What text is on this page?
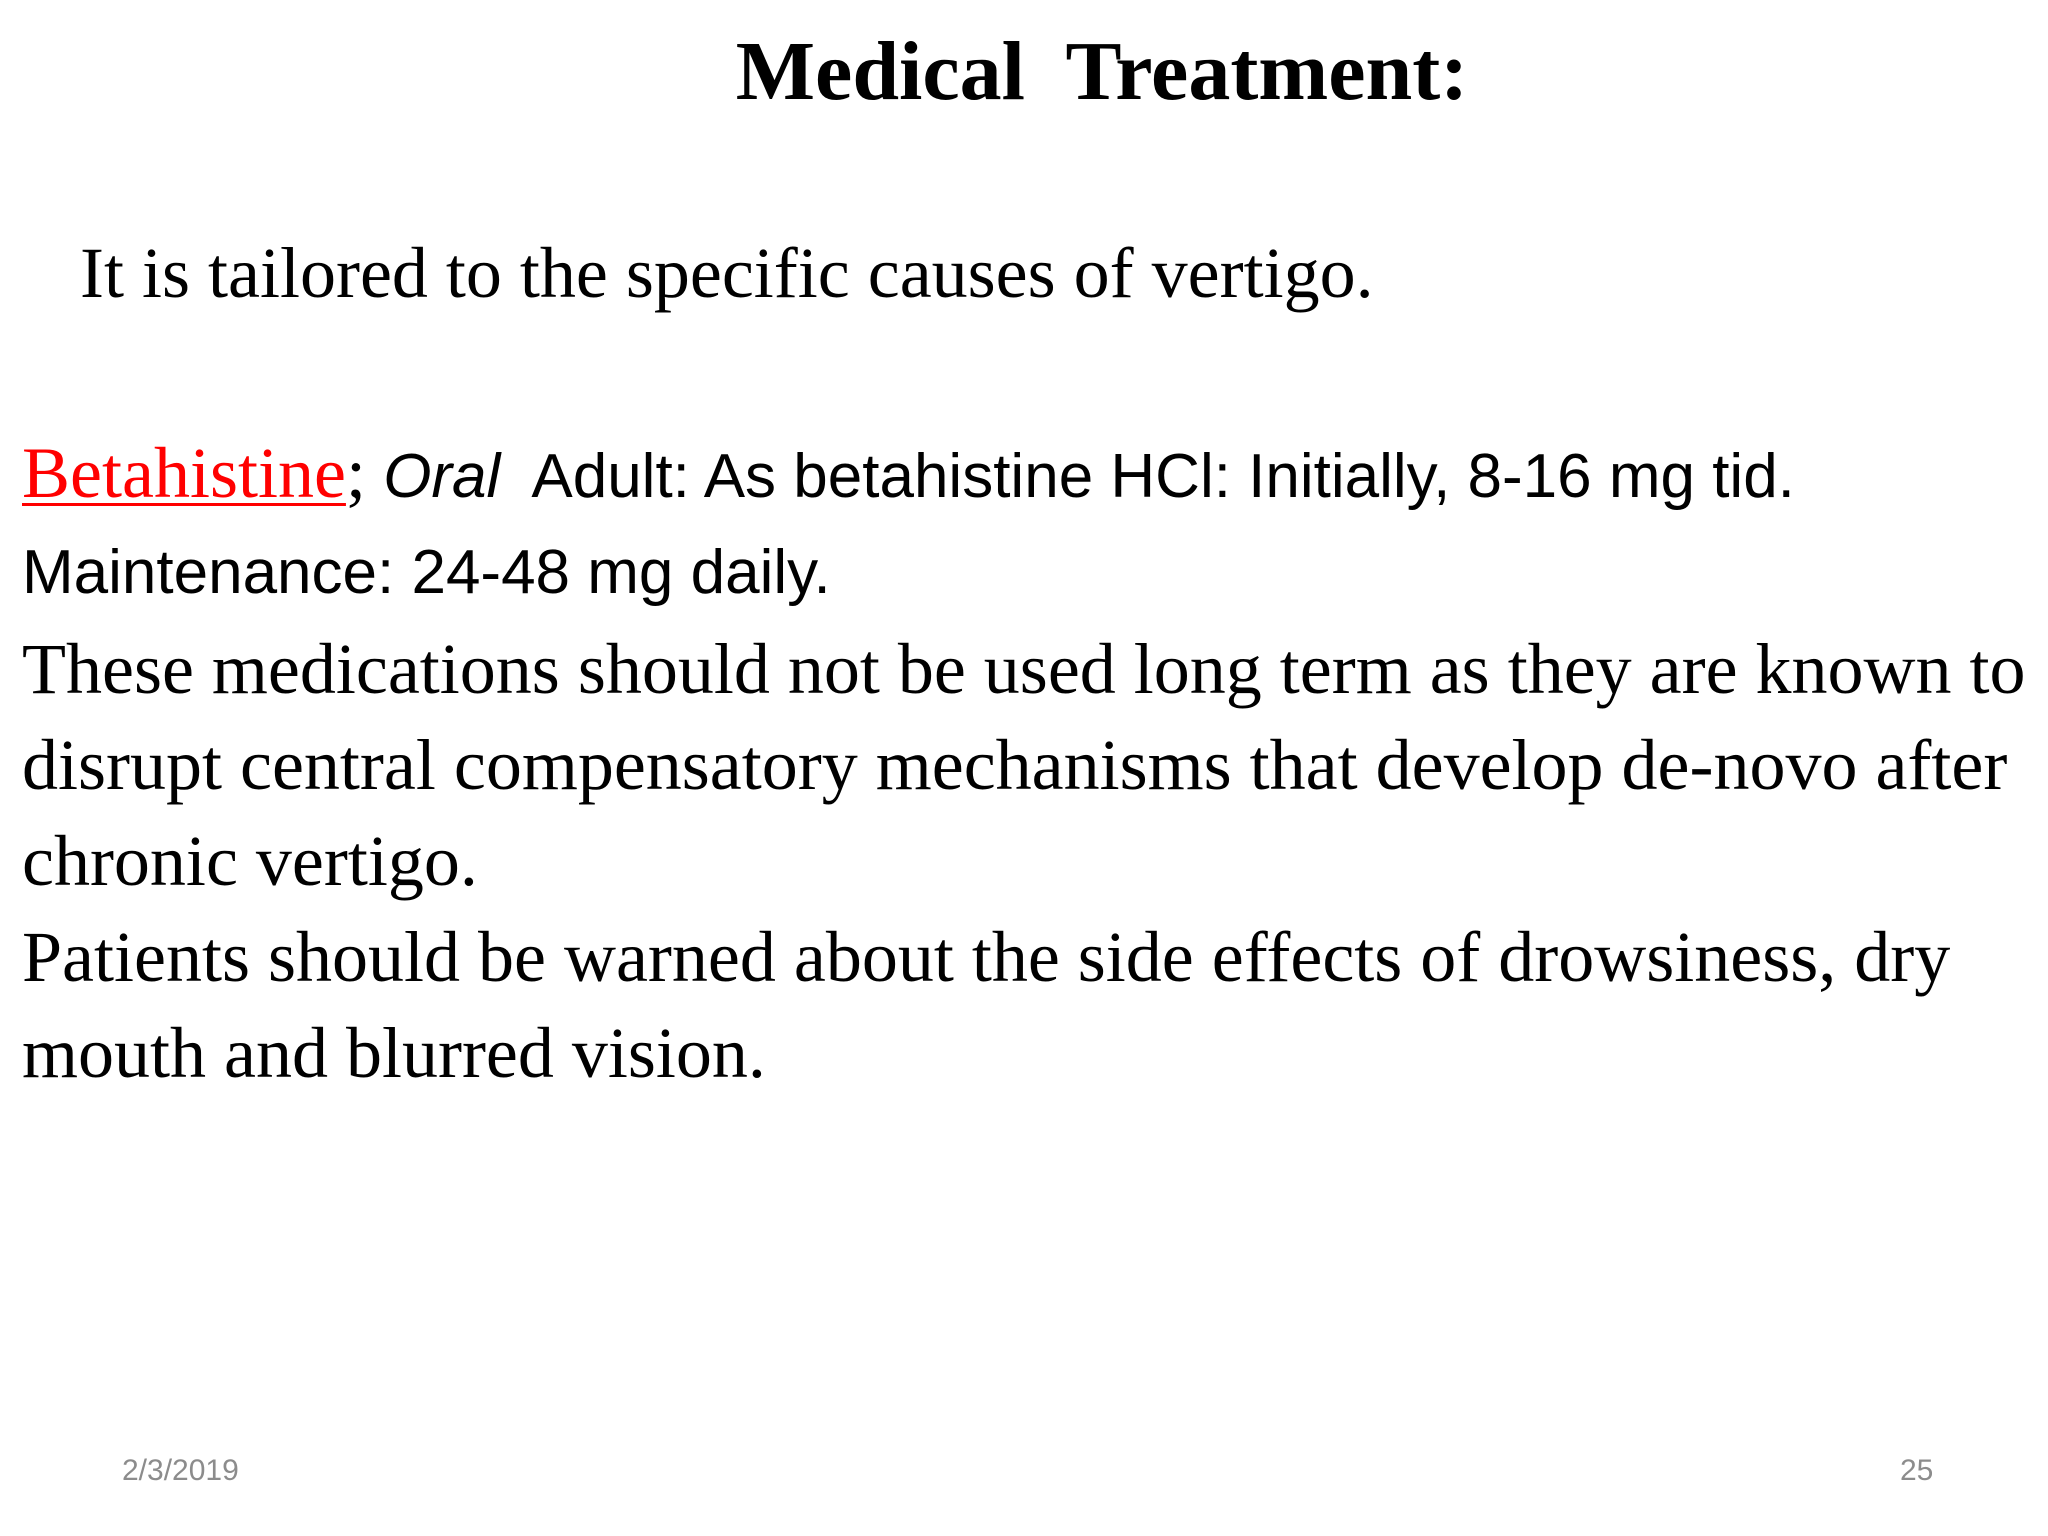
Medical  Treatment:

It is tailored to the specific causes of vertigo.

Betahistine; Oral  Adult: As betahistine HCl: Initially, 8-16 mg tid. Maintenance: 24-48 mg daily.

These medications should not be used long term as they are known to disrupt central compensatory mechanisms that develop de-novo after chronic vertigo.

Patients should be warned about the side effects of drowsiness, dry mouth and blurred vision.

2/3/2019	25
